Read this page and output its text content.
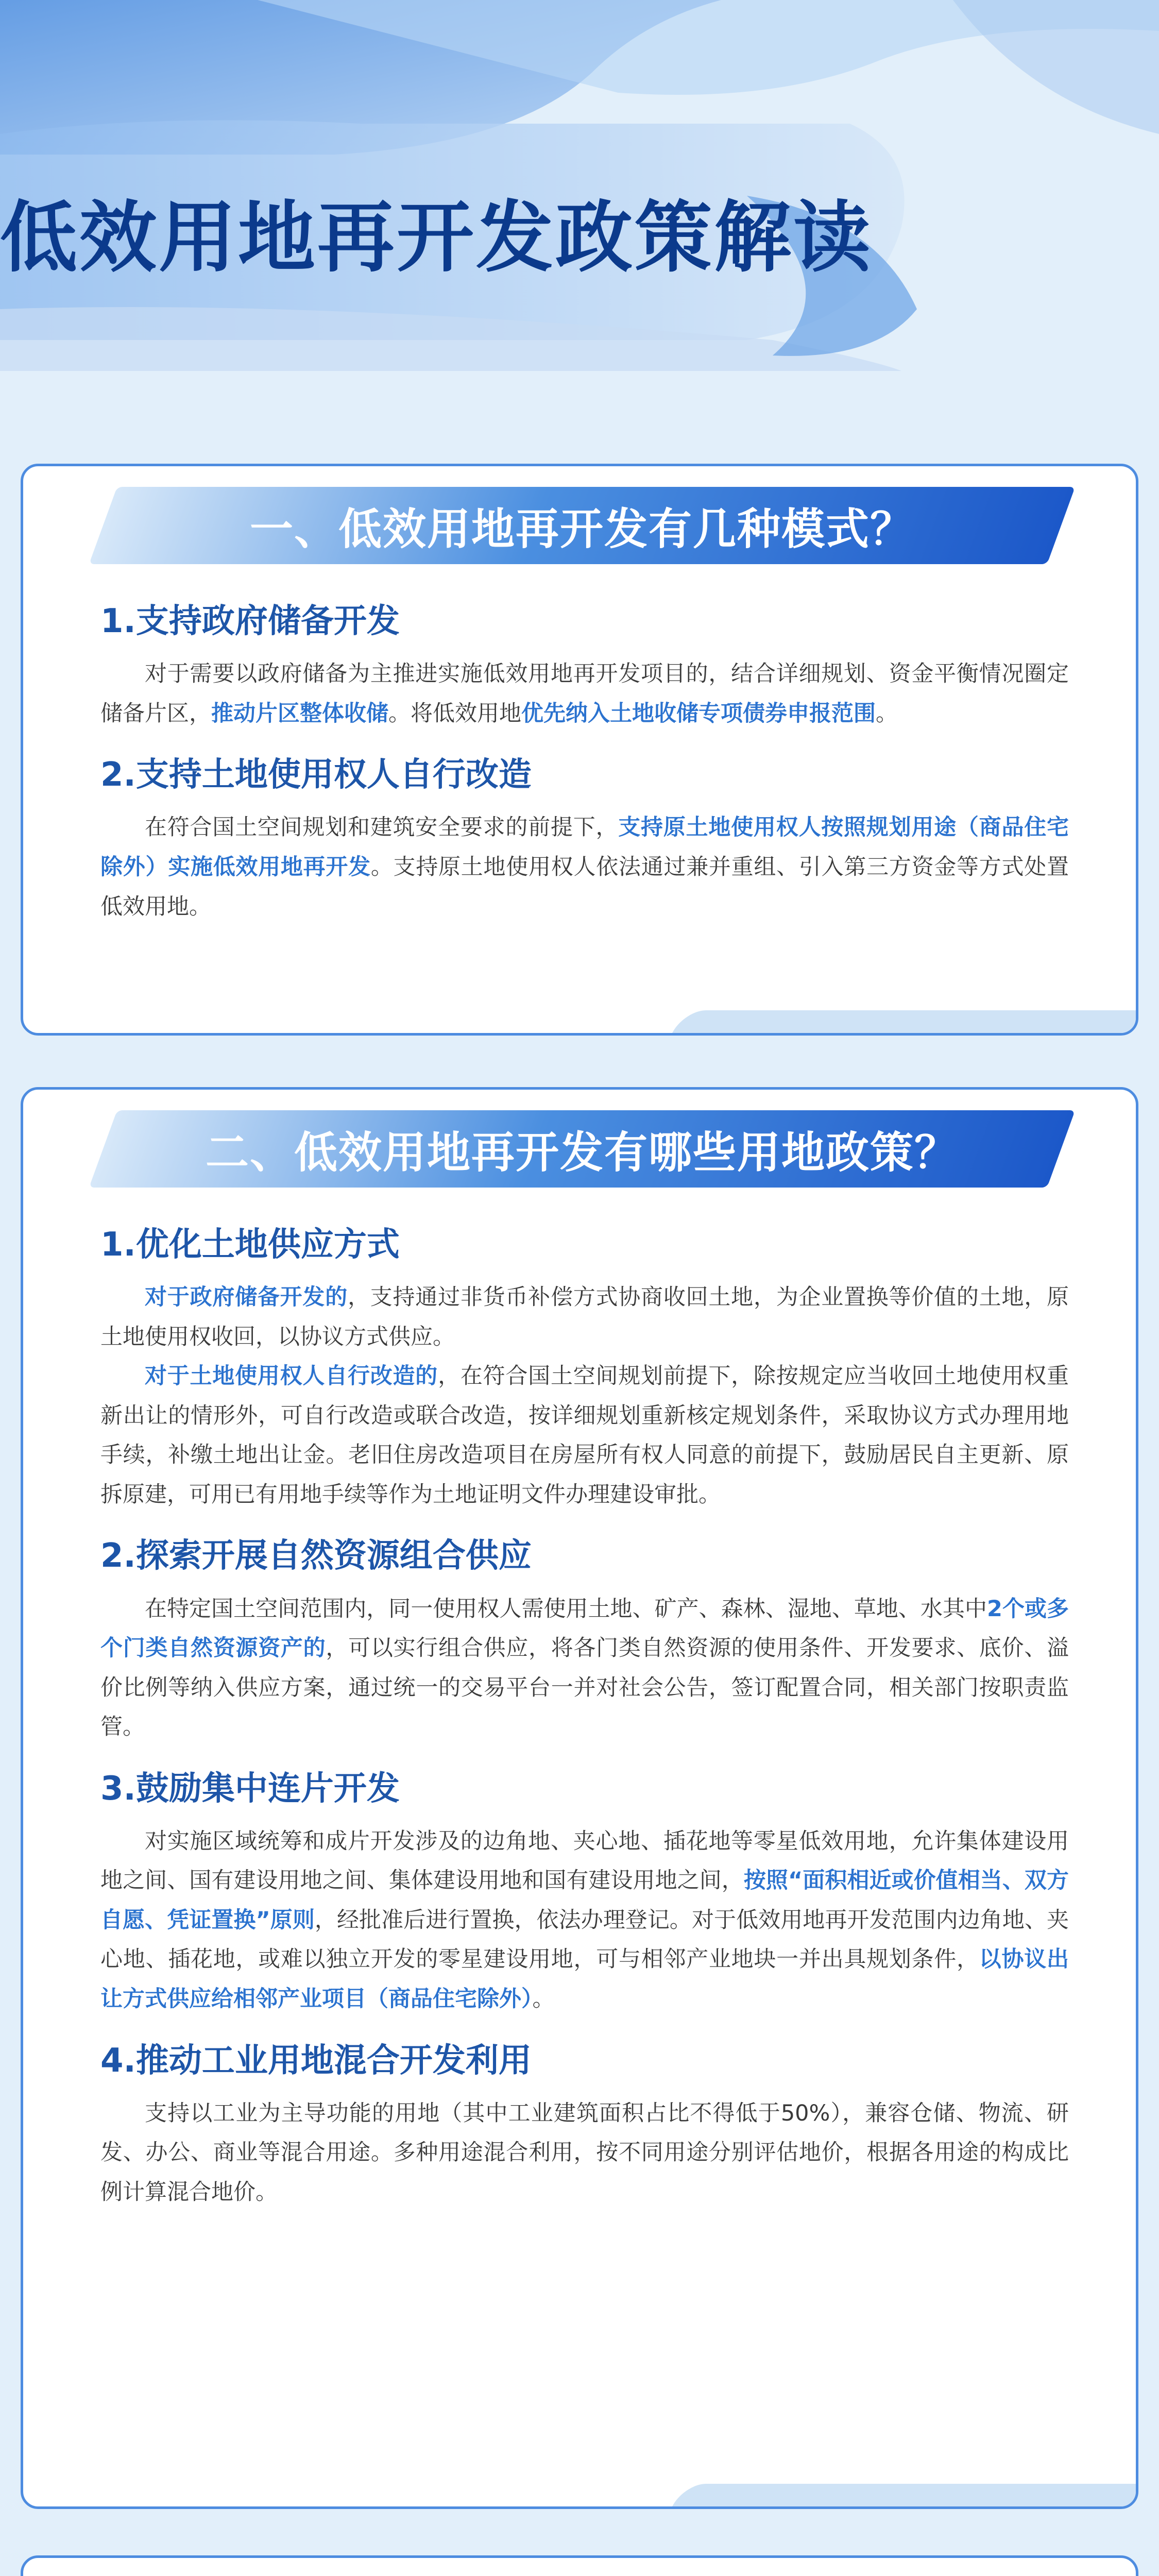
低效用地再开发政策解读
一、低效用地再开发有几种模式？
1.支持政府储备开发

对于需要以政府储备为主推进实施低效用地再开发项目的，结合详细规划、资金平衡情况圈定储备片区，推动片区整体收储。将低效用地优先纳入土地收储专项债券申报范围。

2.支持土地使用权人自行改造

在符合国土空间规划和建筑安全要求的前提下，支持原土地使用权人按照规划用途（商品住宅除外）实施低效用地再开发。支持原土地使用权人依法通过兼并重组、引入第三方资金等方式处置低效用地。

二、低效用地再开发有哪些用地政策？
1.优化土地供应方式

对于政府储备开发的，支持通过非货币补偿方式协商收回土地，为企业置换等价值的土地，原土地使用权收回，以协议方式供应。

对于土地使用权人自行改造的，在符合国土空间规划前提下，除按规定应当收回土地使用权重新出让的情形外，可自行改造或联合改造，按详细规划重新核定规划条件，采取协议方式办理用地手续，补缴土地出让金。老旧住房改造项目在房屋所有权人同意的前提下，鼓励居民自主更新、原拆原建，可用已有用地手续等作为土地证明文件办理建设审批。

2.探索开展自然资源组合供应

在特定国土空间范围内，同一使用权人需使用土地、矿产、森林、湿地、草地、水其中2个或多个门类自然资源资产的，可以实行组合供应，将各门类自然资源的使用条件、开发要求、底价、溢价比例等纳入供应方案，通过统一的交易平台一并对社会公告，签订配置合同，相关部门按职责监管。

3.鼓励集中连片开发

对实施区域统筹和成片开发涉及的边角地、夹心地、插花地等零星低效用地，允许集体建设用地之间、国有建设用地之间、集体建设用地和国有建设用地之间，按照“面积相近或价值相当、双方自愿、凭证置换”原则，经批准后进行置换，依法办理登记。对于低效用地再开发范围内边角地、夹心地、插花地，或难以独立开发的零星建设用地，可与相邻产业地块一并出具规划条件，以协议出让方式供应给相邻产业项目（商品住宅除外）。

4.推动工业用地混合开发利用

支持以工业为主导功能的用地（其中工业建筑面积占比不得低于50%），兼容仓储、物流、研发、办公、商业等混合用途。多种用途混合利用，按不同用途分别评估地价，根据各用途的构成比例计算混合地价。
